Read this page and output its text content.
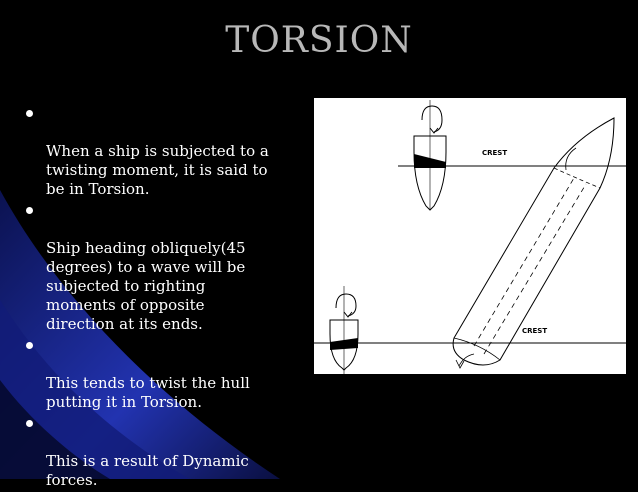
TORSION

When a ship is subjected to a
twisting moment, it is said to
be in Torsion.

Ship heading obliquely(45
degrees) to a wave will be
subjected to righting
moments of opposite
direction at its ends.

This tends to twist the hull
putting it in Torsion.

This is a result of Dynamic
forces.

CREST
CREST
